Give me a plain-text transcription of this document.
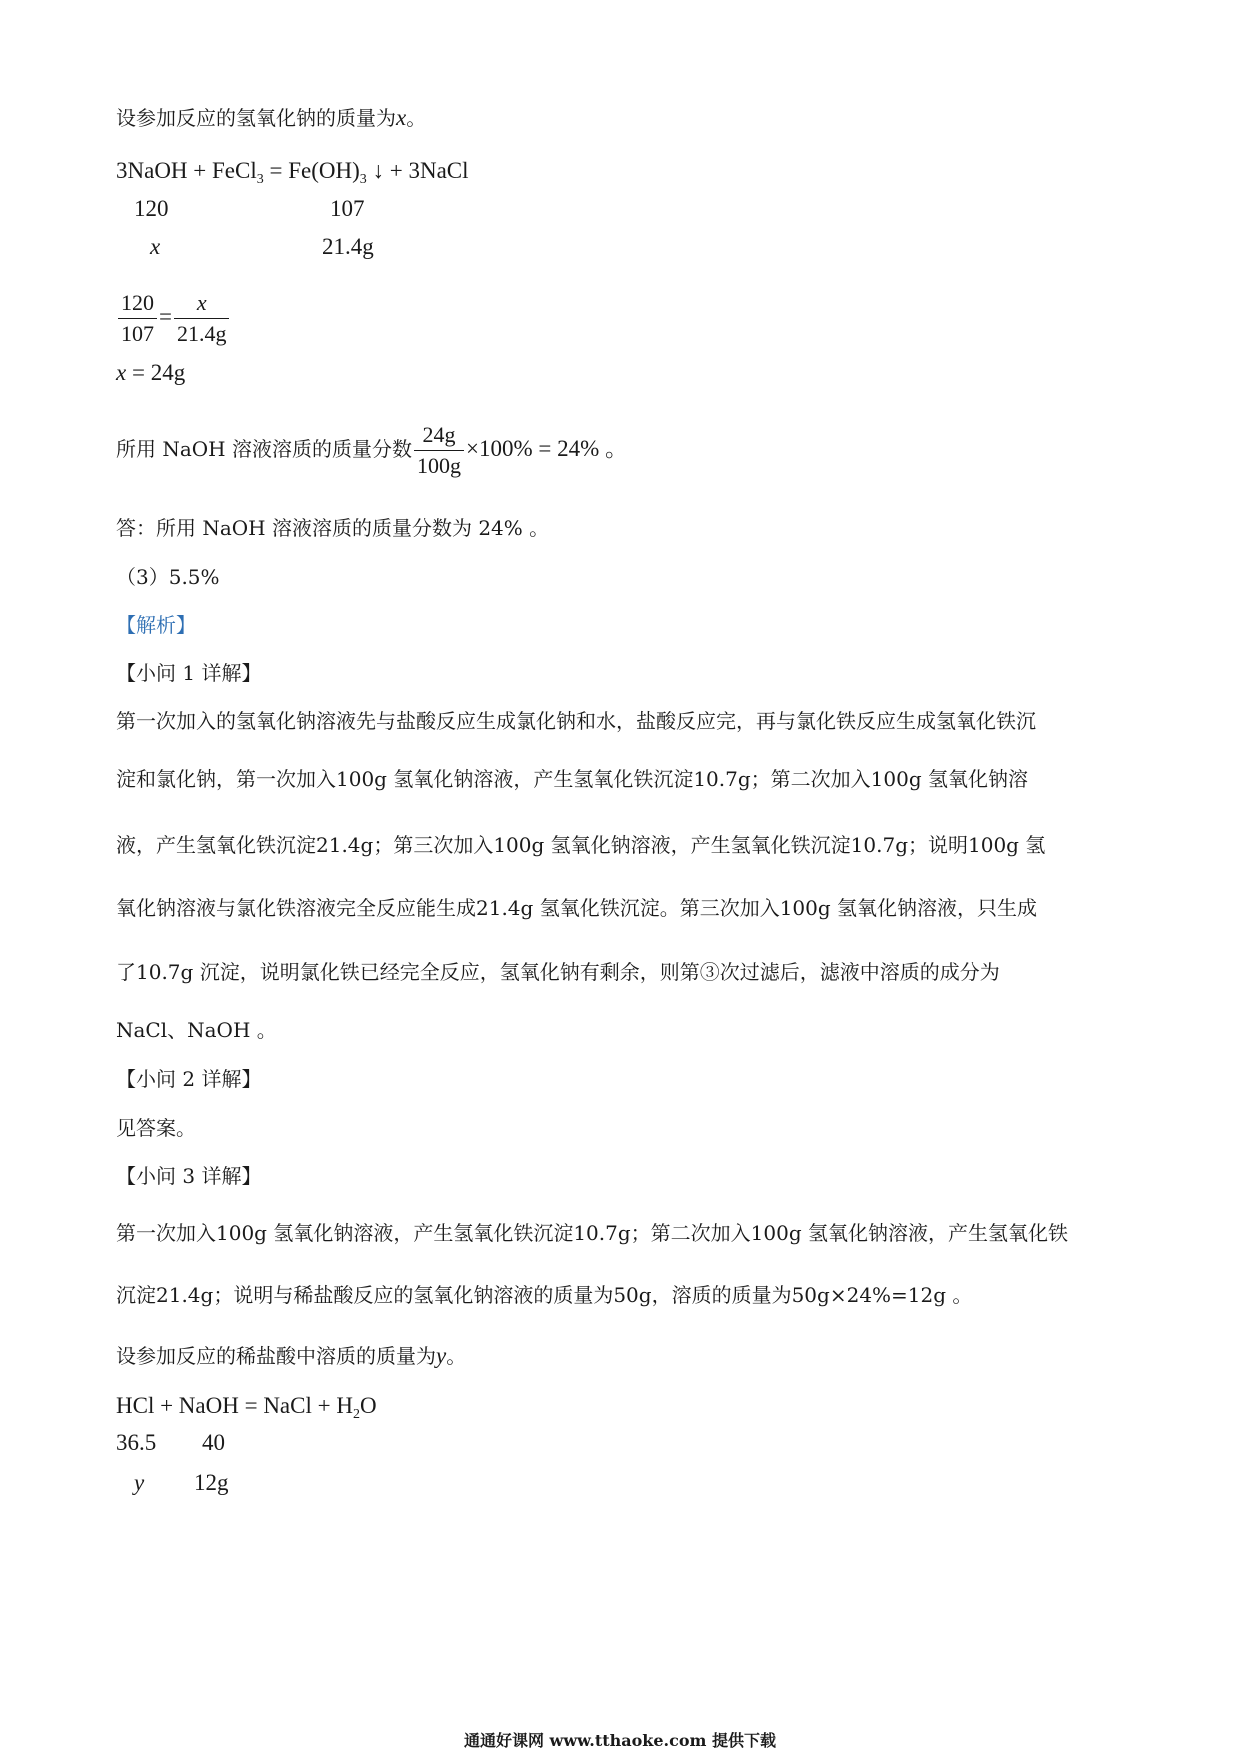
设参加反应的氢氧化钠的质量为x。
3NaOH + FeCl$_3$ = $Fe(OH)_3$ ↓ + 3NaCl
120	107
x	21.4g
$\frac{120}{107} = \frac{x}{21.4g}$
x = 24g
所用 NaOH 溶液溶质的质量分数 $\frac{24g}{100g} \times 100\% = 24\%$ 。
答：所用 NaOH 溶液溶质的质量分数为 24% 。
（3）5.5%
【解析】
【小问 1 详解】
第一次加入的氢氧化钠溶液先与盐酸反应生成氯化钠和水，盐酸反应完，再与氯化铁反应生成氢氧化铁沉
淀和氯化钠，第一次加入100g 氢氧化钠溶液，产生氢氧化铁沉淀10.7g；第二次加入100g 氢氧化钠溶
液，产生氢氧化铁沉淀21.4g；第三次加入100g 氢氧化钠溶液，产生氢氧化铁沉淀10.7g；说明100g 氢
氧化钠溶液与氯化铁溶液完全反应能生成21.4g 氢氧化铁沉淀。第三次加入100g 氢氧化钠溶液，只生成
了10.7g 沉淀，说明氯化铁已经完全反应，氢氧化钠有剩余，则第③次过滤后，滤液中溶质的成分为
NaCl、NaOH 。
【小问 2 详解】
见答案。
【小问 3 详解】
第一次加入100g 氢氧化钠溶液，产生氢氧化铁沉淀10.7g；第二次加入100g 氢氧化钠溶液，产生氢氧化铁
沉淀21.4g；说明与稀盐酸反应的氢氧化钠溶液的质量为50g，溶质的质量为50g×24%=12g 。
设参加反应的稀盐酸中溶质的质量为y。
HCl + NaOH = NaCl + $H_2O$
36.5 40
y 12g
通通好课网 www.tthaoke.com 提供下载
